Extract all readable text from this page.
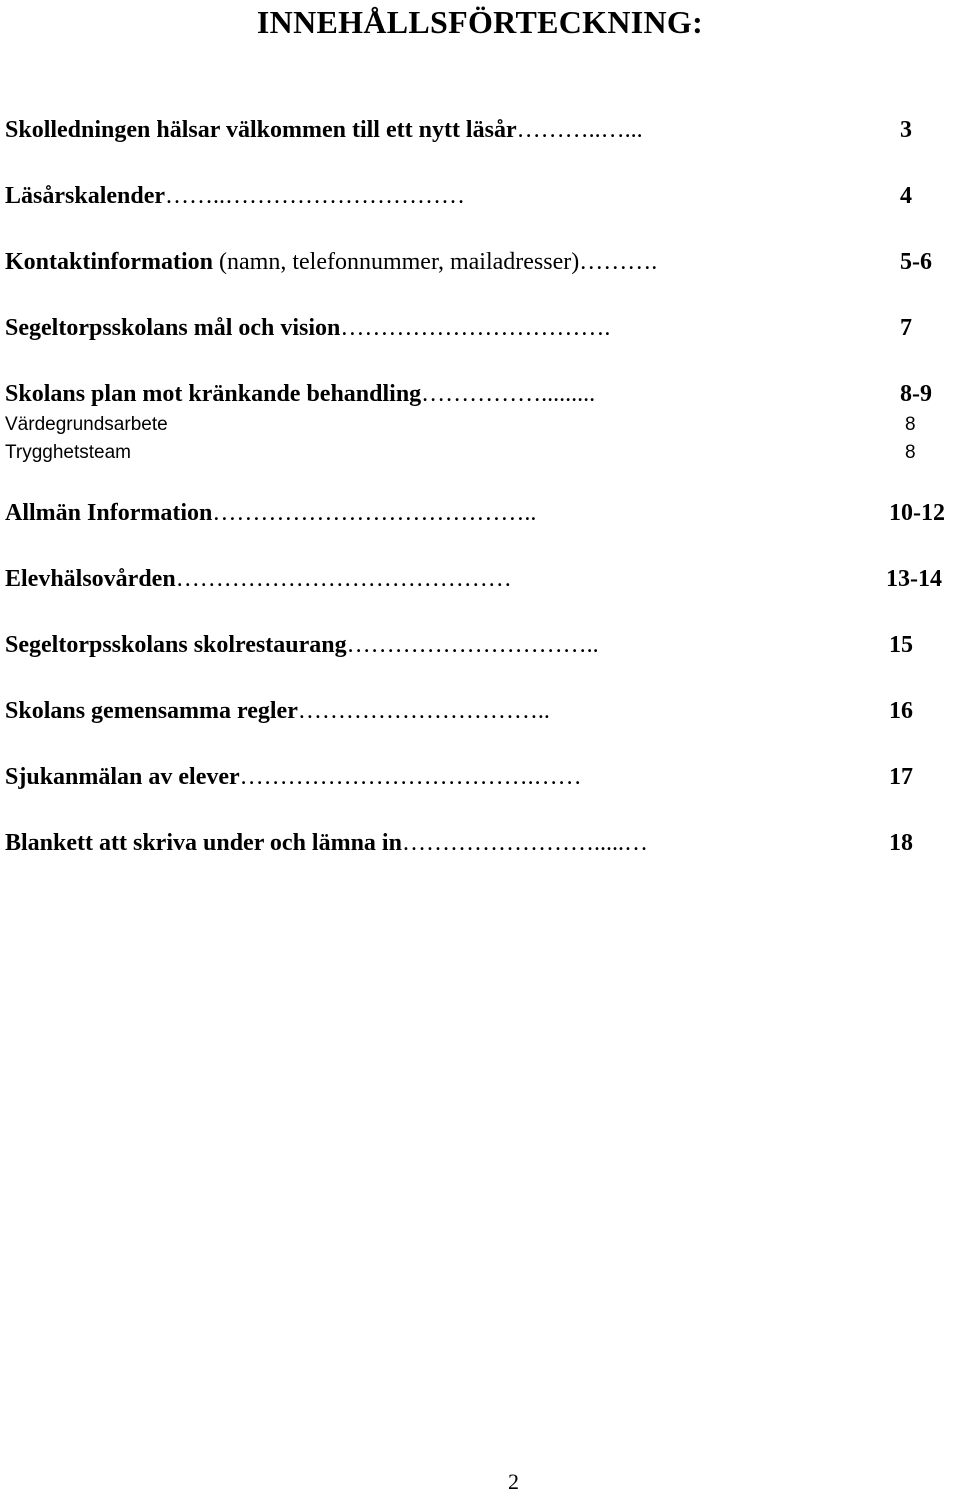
INNEHÅLLSFÖRTECKNING:
Skolledningen hälsar välkommen till ett nytt läsår………..…...	3
Läsårskalender……..…………………………	4
Kontaktinformation (namn, telefonnummer, mailadresser)……….	5-6
Segeltorpsskolans mål och vision…………………………….	7
Skolans plan mot kränkande behandling…………….........	8-9
Värdegrundsarbete	8
Trygghetsteam	8
Allmän Information…………………………………..	10-12
Elevhälsovården……………………………………	13-14
Segeltorpsskolans skolrestaurang…………………………..	15
Skolans gemensamma regler…………………………..	16
Sjukanmälan av elever……………………………….……	17
Blankett att skriva under och lämna in…………………….....…	18
2
